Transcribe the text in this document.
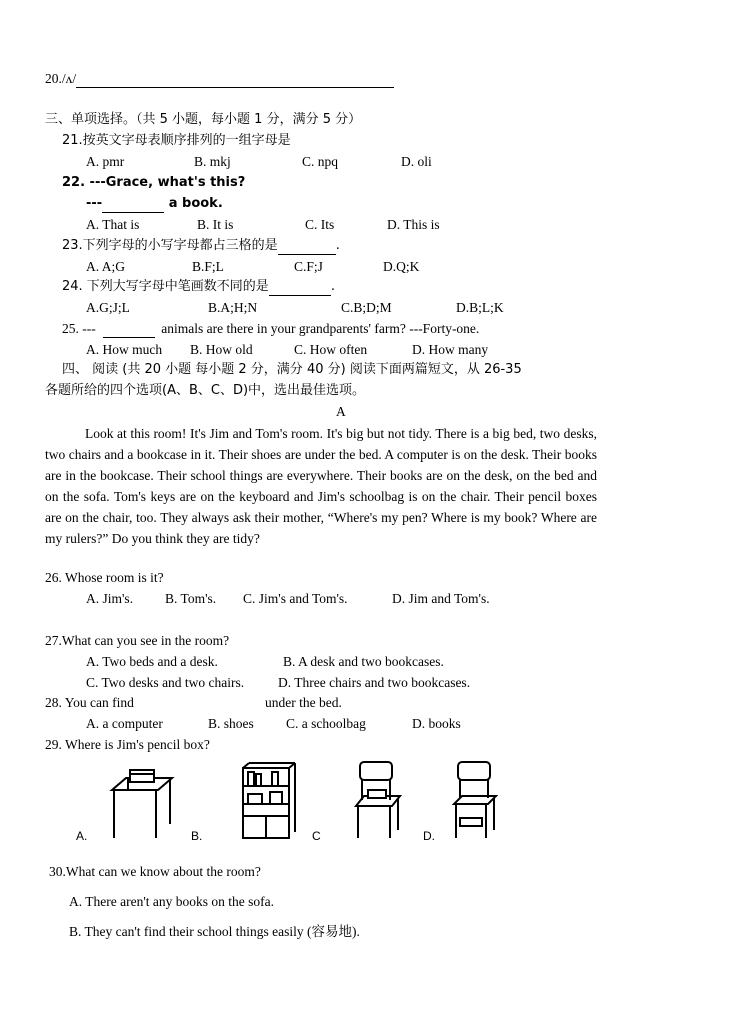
20./ʌ/
三、单项选择。（共 5 小题，每小题 1 分，满分 5 分）
21.按英文字母表顺序排列的一组字母是
A. pmr	B. mkj	C. npq	D. oli
22. ---Grace, what's this?
---	a book.
A. That is	B. It is	C. Its	D. This is
23.下列字母的小写字母都占三格的是	.
A. A;G	B.F;L	C.F;J	D.Q;K
24. 下列大写字母中笔画数不同的是	.
A.G;J;L	B.A;H;N	C.B;D;M	D.B;L;K
25. ---	animals are there in your grandparents' farm? ---Forty-one.
A. How much B. How old	C. How often	D. How many
四、 阅读 (共 20 小题 每小题 2 分，满分 40 分) 阅读下面两篇短文，从 26-35
各题所给的四个选项(A、B、C、D)中，选出最佳选项。
A
Look at this room! It's Jim and Tom's room. It's big but not tidy. There is a big bed, two desks, two chairs and a bookcase in it. Their shoes are under the bed. A computer is on the desk. Their books are in the bookcase. Their school things are everywhere. Their books are on the desk, on the bed and on the sofa. Tom's keys are on the keyboard and Jim's schoolbag is on the chair. Their pencil boxes are on the chair, too. They always ask their mother, “Where's my pen? Where is my book? Where are my rulers?” Do you think they are tidy?
26. Whose room is it?
A. Jim's. B. Tom's. C. Jim's and Tom's.	D. Jim and Tom's.
27.What can you see in the room?
A. Two beds and a desk.	B. A desk and two bookcases.
C. Two desks and two chairs.	D. Three chairs and two bookcases.
28. You can find	under the bed.
A. a computer	B. shoes C. a schoolbag	D. books
29. Where is Jim's pencil box?
A.	B.	C	D.
30.What can we know about the room?
A. There aren't any books on the sofa.
B. They can't find their school things easily (容易地).
